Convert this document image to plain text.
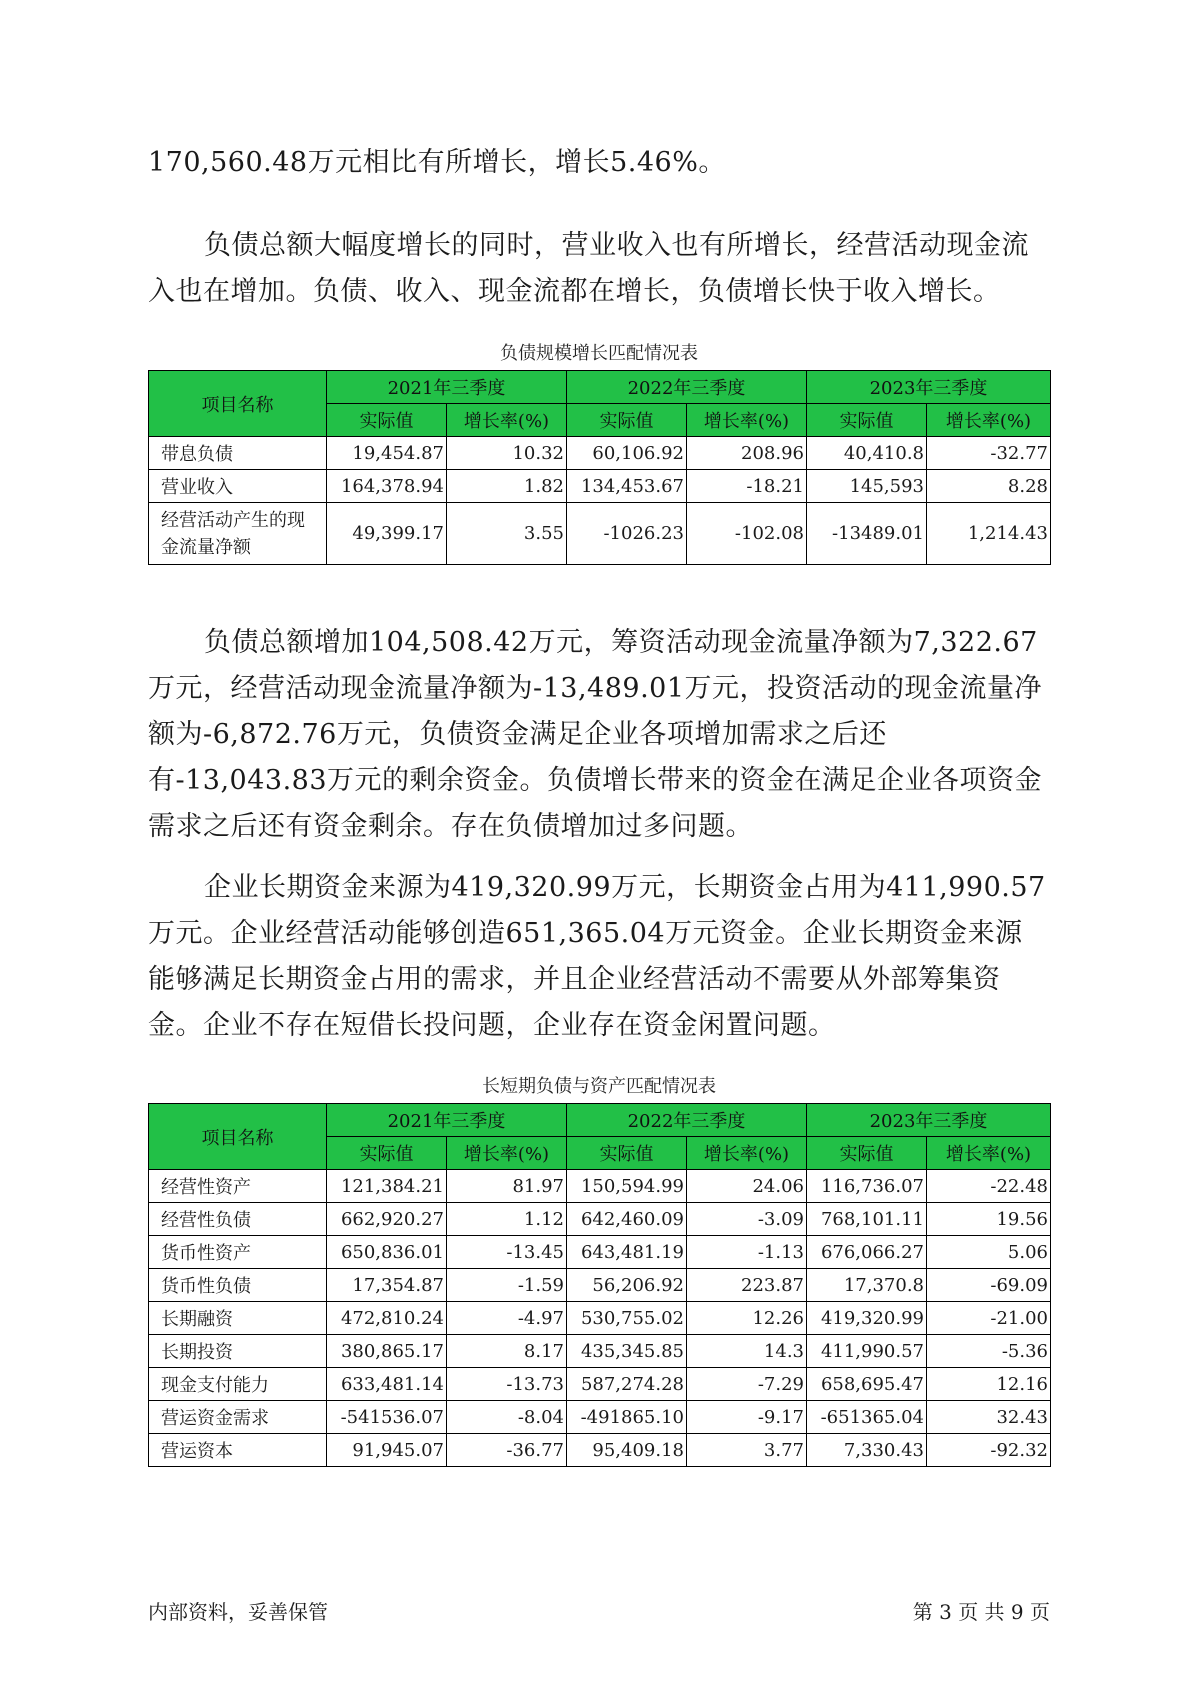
170,560.48万元相比有所增长，增长5.46%。

负债总额大幅度增长的同时，营业收入也有所增长，经营活动现金流入也在增加。负债、收入、现金流都在增长，负债增长快于收入增长。

负债规模增长匹配情况表
项目名称	2021年三季度		2022年三季度		2023年三季度	
	实际值	增长率(%)	实际值	增长率(%)	实际值	增长率(%)
带息负债	19,454.87	10.32	60,106.92	208.96	40,410.8	-32.77
营业收入	164,378.94	1.82	134,453.67	-18.21	145,593	8.28
经营活动产生的现金流量净额	49,399.17	3.55	-1026.23	-102.08	-13489.01	1,214.43

负债总额增加104,508.42万元，筹资活动现金流量净额为7,322.67万元，经营活动现金流量净额为-13,489.01万元，投资活动的现金流量净额为-6,872.76万元，负债资金满足企业各项增加需求之后还有-13,043.83万元的剩余资金。负债增长带来的资金在满足企业各项资金需求之后还有资金剩余。存在负债增加过多问题。

企业长期资金来源为419,320.99万元，长期资金占用为411,990.57万元。企业经营活动能够创造651,365.04万元资金。企业长期资金来源能够满足长期资金占用的需求，并且企业经营活动不需要从外部筹集资金。企业不存在短借长投问题，企业存在资金闲置问题。

长短期负债与资产匹配情况表
项目名称	2021年三季度		2022年三季度		2023年三季度	
	实际值	增长率(%)	实际值	增长率(%)	实际值	增长率(%)
经营性资产	121,384.21	81.97	150,594.99	24.06	116,736.07	-22.48
经营性负债	662,920.27	1.12	642,460.09	-3.09	768,101.11	19.56
货币性资产	650,836.01	-13.45	643,481.19	-1.13	676,066.27	5.06
货币性负债	17,354.87	-1.59	56,206.92	223.87	17,370.8	-69.09
长期融资	472,810.24	-4.97	530,755.02	12.26	419,320.99	-21.00
长期投资	380,865.17	8.17	435,345.85	14.3	411,990.57	-5.36
现金支付能力	633,481.14	-13.73	587,274.28	-7.29	658,695.47	12.16
营运资金需求	-541536.07	-8.04	-491865.10	-9.17	-651365.04	32.43
营运资本	91,945.07	-36.77	95,409.18	3.77	7,330.43	-92.32
内部资料，妥善保管	第 3 页 共 9 页
